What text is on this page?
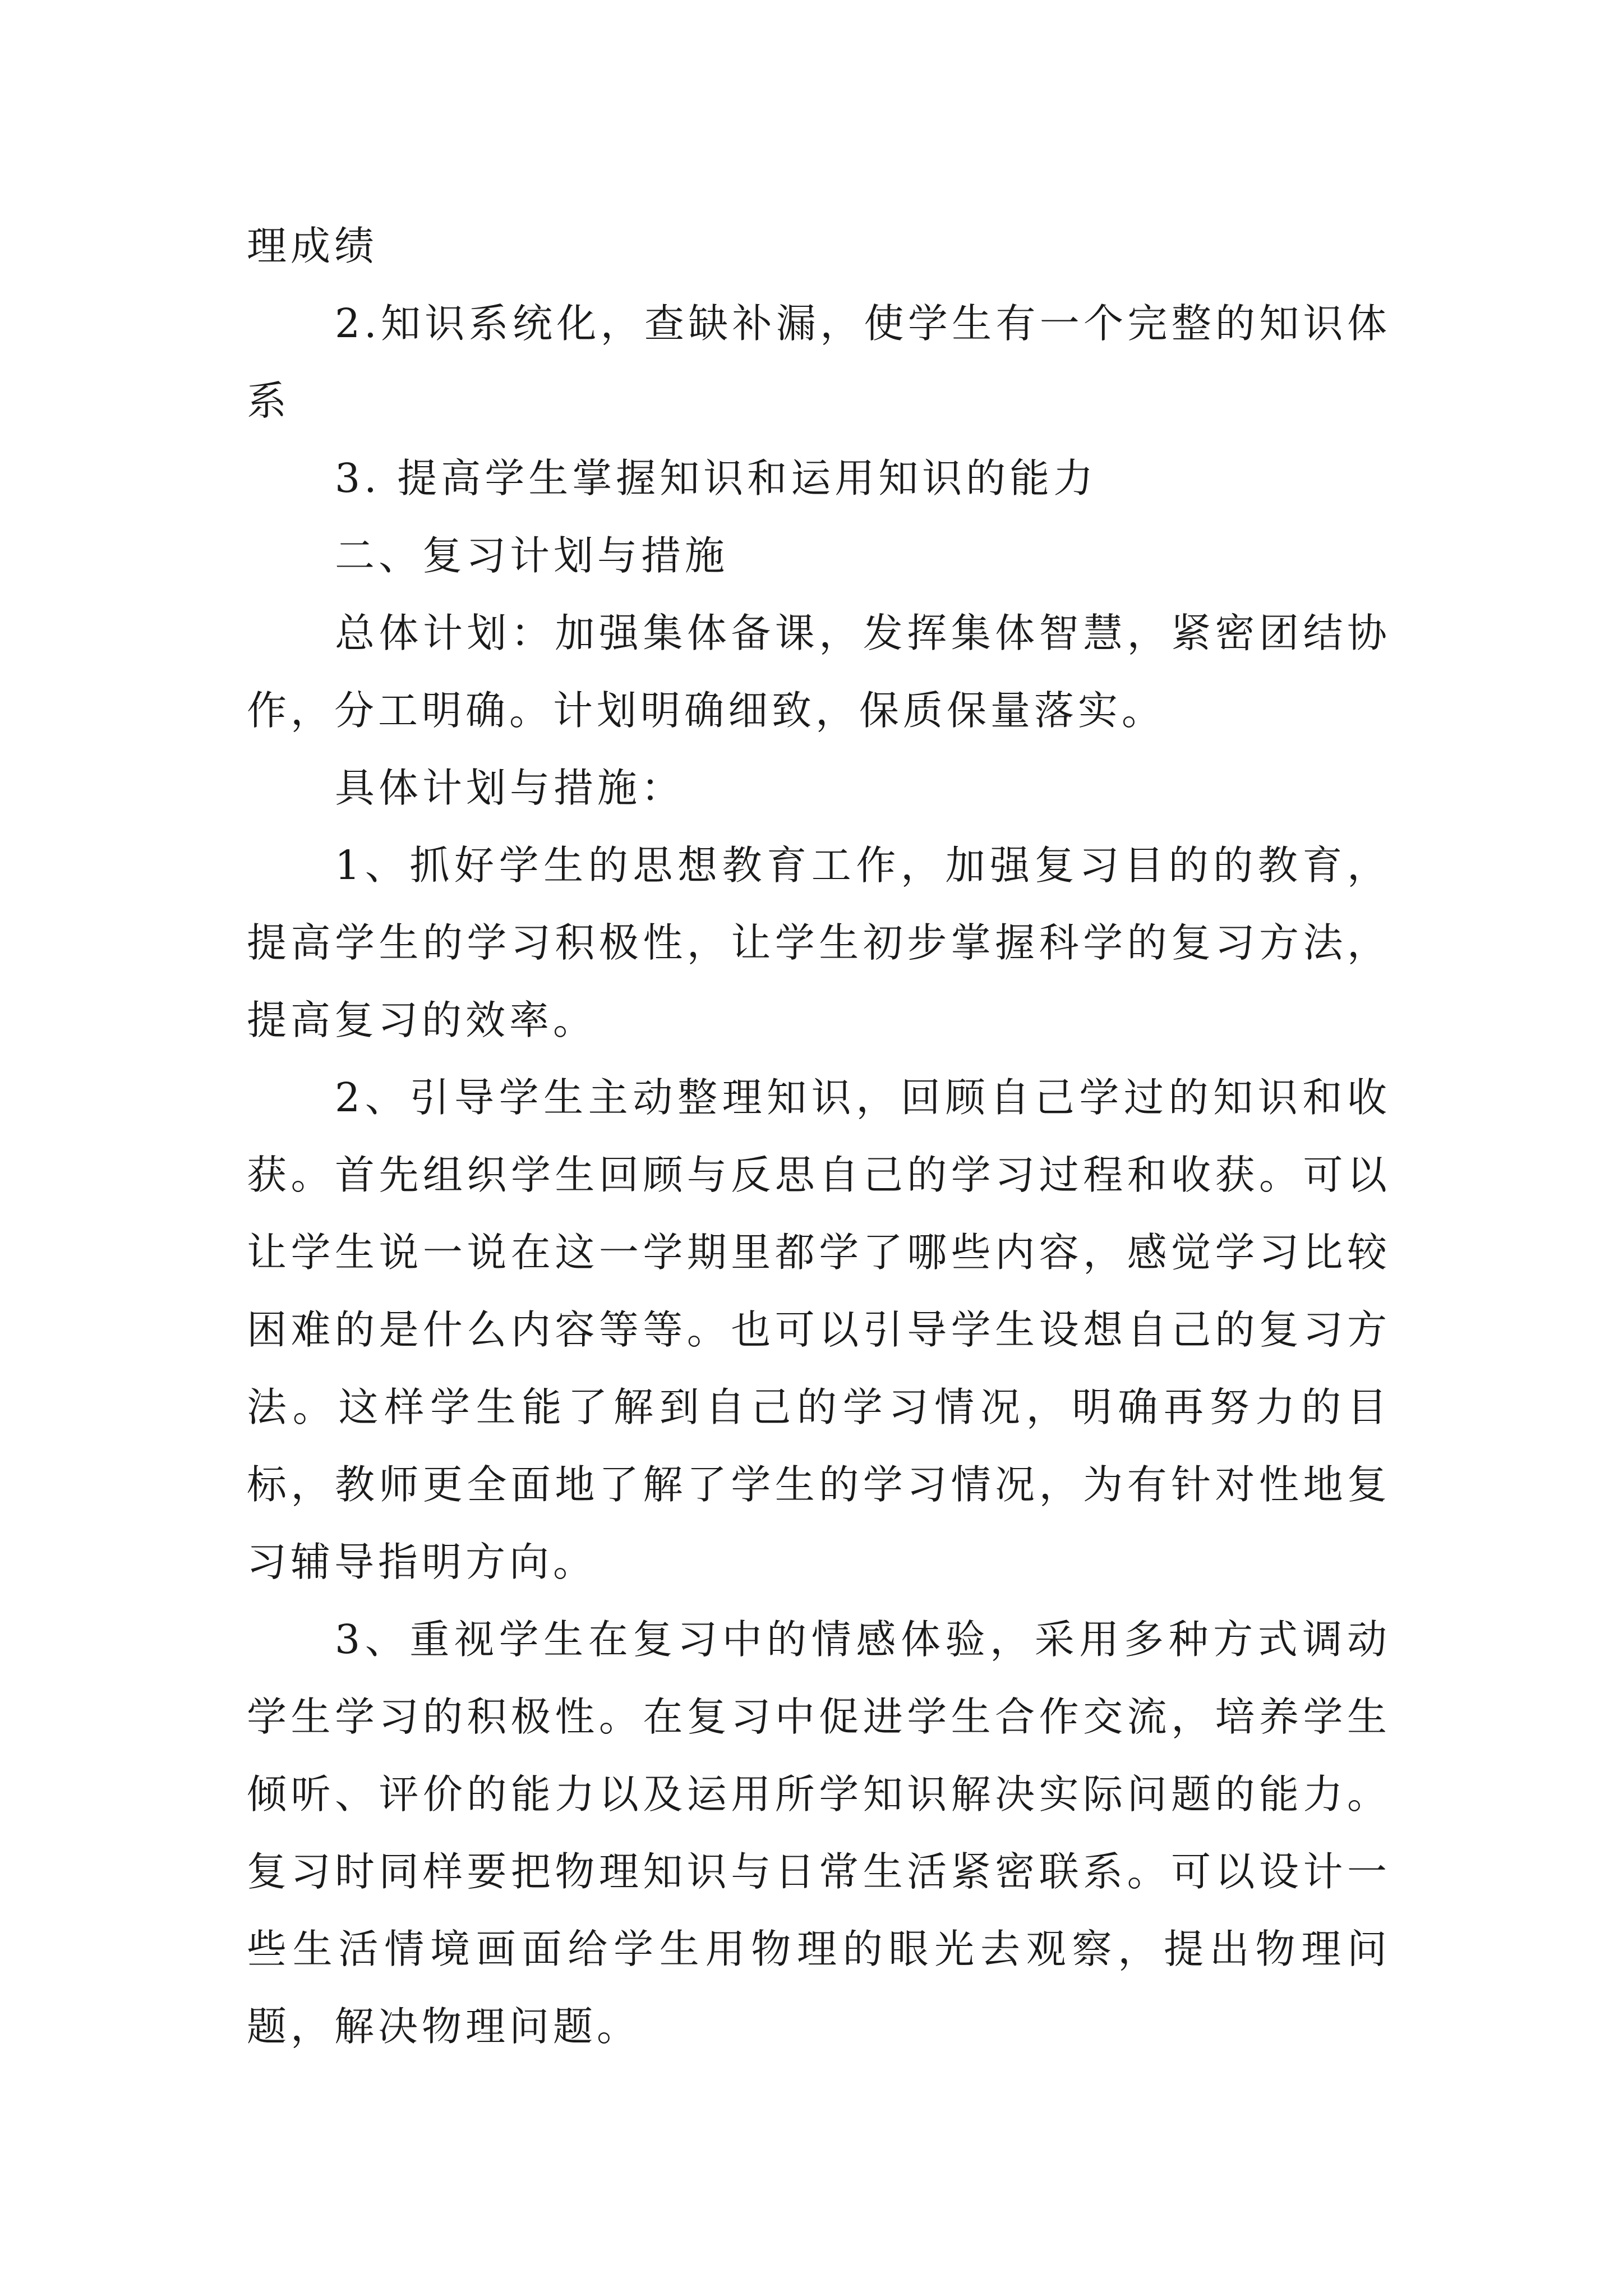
理成绩

2.知识系统化，查缺补漏，使学生有一个完整的知识体系

3. 提高学生掌握知识和运用知识的能力

二、复习计划与措施

总体计划：加强集体备课，发挥集体智慧，紧密团结协作，分工明确。计划明确细致，保质保量落实。

具体计划与措施：

1、抓好学生的思想教育工作，加强复习目的的教育，提高学生的学习积极性，让学生初步掌握科学的复习方法，提高复习的效率。

2、引导学生主动整理知识，回顾自己学过的知识和收获。首先组织学生回顾与反思自己的学习过程和收获。可以让学生说一说在这一学期里都学了哪些内容，感觉学习比较困难的是什么内容等等。也可以引导学生设想自己的复习方法。这样学生能了解到自己的学习情况，明确再努力的目标，教师更全面地了解了学生的学习情况，为有针对性地复习辅导指明方向。

3、重视学生在复习中的情感体验，采用多种方式调动学生学习的积极性。在复习中促进学生合作交流，培养学生倾听、评价的能力以及运用所学知识解决实际问题的能力。复习时同样要把物理知识与日常生活紧密联系。可以设计一些生活情境画面给学生用物理的眼光去观察，提出物理问题，解决物理问题。
